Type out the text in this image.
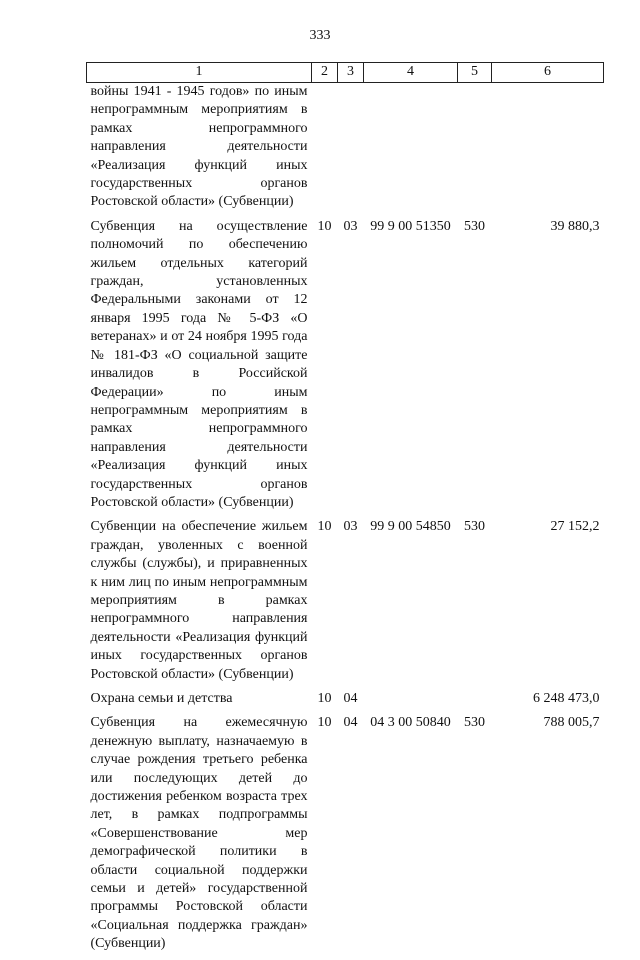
333
1	2	3	4	5	6
войны 1941 - 1945 годов» по иным непрограммным мероприятиям в рамках непрограммного направления деятельности «Реализация функций иных государственных органов Ростовской области» (Субвенции)					
Субвенция на осуществление полномочий по обеспечению жильем отдельных категорий граждан, установленных Федеральными законами от 12 января 1995 года № 5-ФЗ «О ветеранах» и от 24 ноября 1995 года № 181-ФЗ «О социальной защите инвалидов в Российской Федерации» по иным непрограммным мероприятиям в рамках непрограммного направления деятельности «Реализация функций иных государственных органов Ростовской области» (Субвенции)	10	03	99 9 00 51350	530	39 880,3
Субвенции на обеспечение жильем граждан, уволенных с военной службы (службы), и приравненных к ним лиц по иным непрограммным мероприятиям в рамках непрограммного направления деятельности «Реализация функций иных государственных органов Ростовской области» (Субвенции)	10	03	99 9 00 54850	530	27 152,2
Охрана семьи и детства	10	04			6 248 473,0
Субвенция на ежемесячную денежную выплату, назначаемую в случае рождения третьего ребенка или последующих детей до достижения ребенком возраста трех лет, в рамках подпрограммы «Совершенствование мер демографической политики в области социальной поддержки семьи и детей» государственной программы Ростовской области «Социальная поддержка граждан» (Субвенции)	10	04	04 3 00 50840	530	788 005,7
